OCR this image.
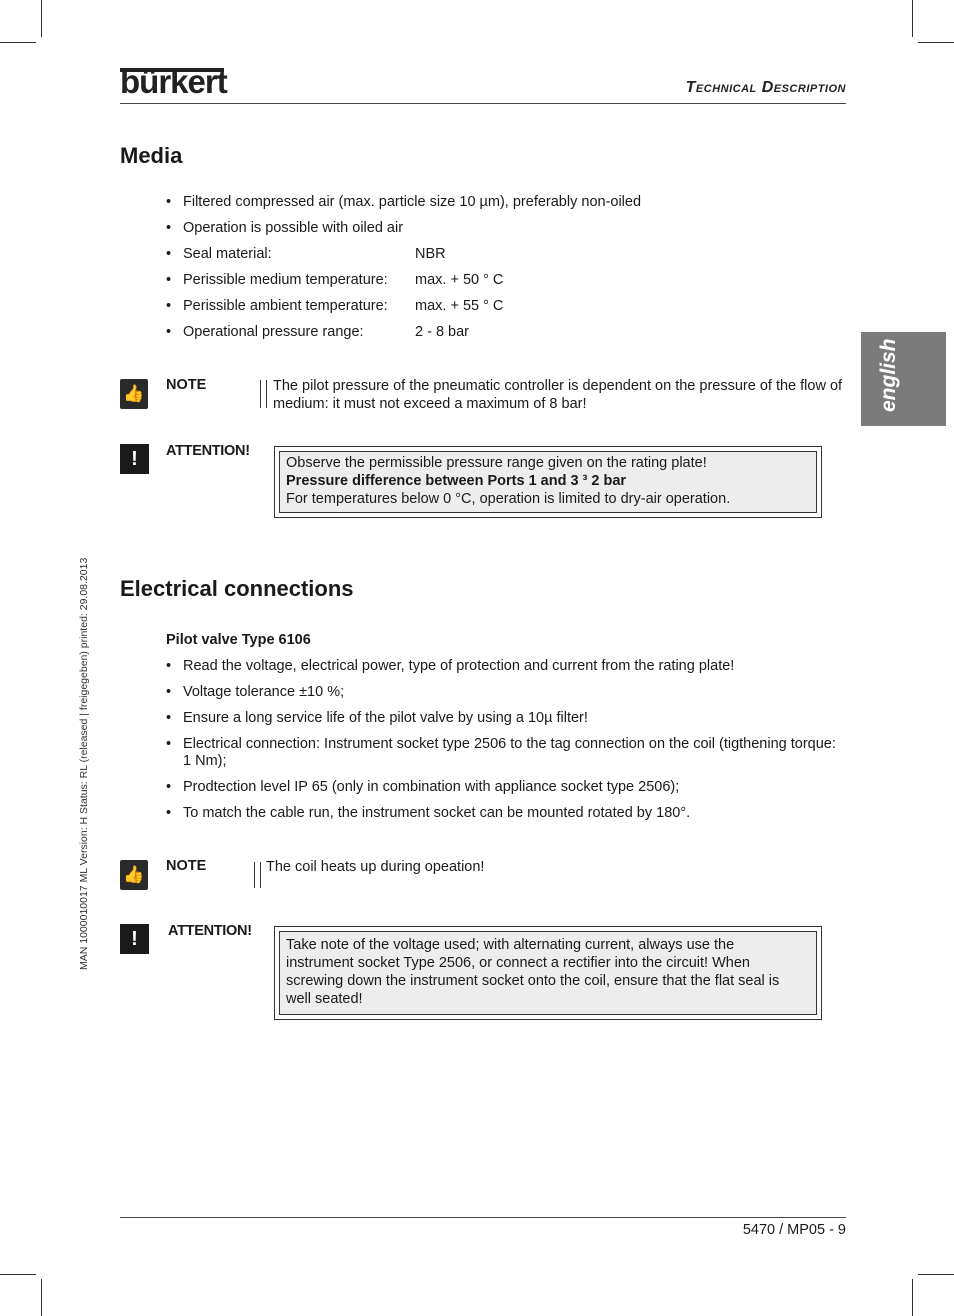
bürkert	Technical Description
english
MAN 1000010017 ML Version: H Status: RL (released | freigegeben) printed: 29.08.2013
Media
• Filtered compressed air (max. particle size 10 µm), preferably non-oiled
• Operation is possible with oiled air
• Seal material:	NBR
• Perissible medium temperature: max. + 50 ° C
• Perissible ambient temperature: max. + 55 ° C
• Operational pressure range:	2 - 8 bar
👍 NOTE	The pilot pressure of the pneumatic controller is dependent on the pressure of the flow of medium: it must not exceed a maximum of 8 bar!
!	ATTENTION!

Observe the permissible pressure range given on the rating plate!

Pressure difference between Ports 1 and 3 ³ 2 bar

For temperatures below 0 °C, operation is limited to dry-air operation.

Electrical connections
Pilot valve Type 6106
• Read the voltage, electrical power, type of protection and current from the rating plate!
• Voltage tolerance ±10 %;
• Ensure a long service life of the pilot valve by using a 10µ filter!
• Electrical connection: Instrument socket type 2506 to the tag connection on the coil (tigthening torque: 1 Nm);
• Prodtection level IP 65 (only in combination with appliance socket type 2506);
• To match the cable run, the instrument socket can be mounted rotated by 180°.
👍 NOTE	The coil heats up during opeation!
!	ATTENTION!

Take note of the voltage used; with alternating current, always use the instrument socket Type 2506, or connect a rectifier into the circuit! When screwing down the instrument socket onto the coil, ensure that the flat seal is well seated!

5470 / MP05 - 9
